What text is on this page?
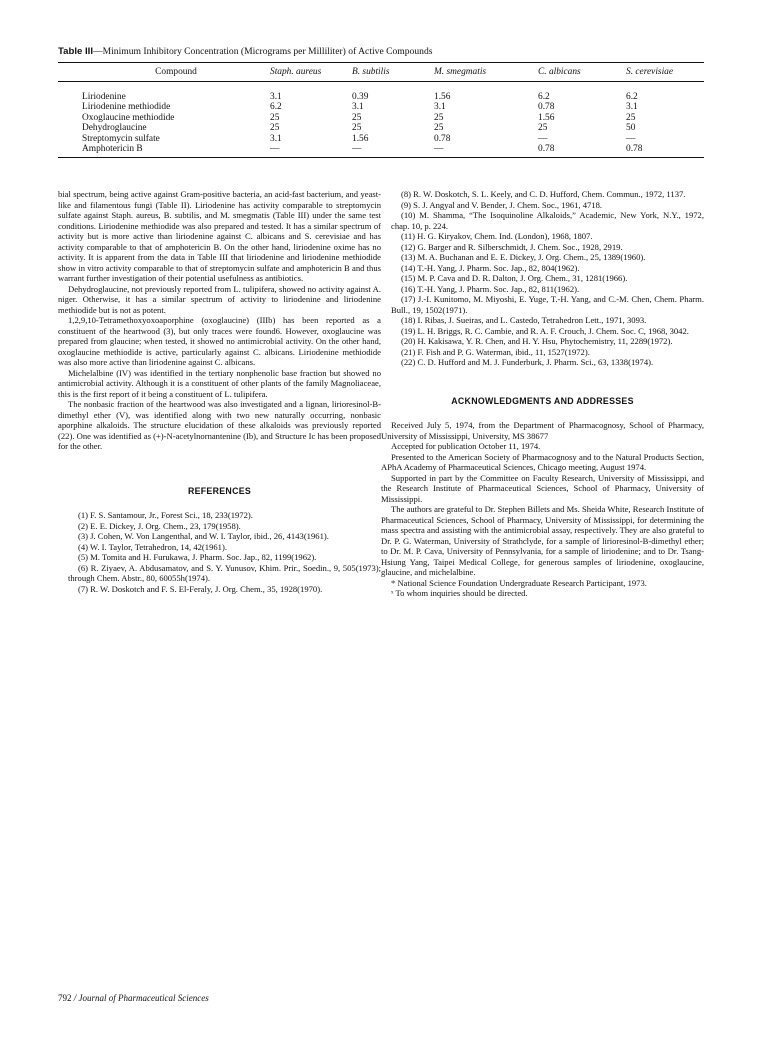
Table III—Minimum Inhibitory Concentration (Micrograms per Milliliter) of Active Compounds
Compound	Staph. aureus	B. subtilis	M. smegmatis	C. albicans	S. cerevisiae
Liriodenine	3.1	0.39	1.56	6.2	6.2
Liriodenine methiodide	6.2	3.1	3.1	0.78	3.1
Oxoglaucine methiodide	25	25	25	1.56	25
Dehydroglaucine	25	25	25	25	50
Streptomycin sulfate	3.1	1.56	0.78	—	—
Amphotericin B	—	—	—	0.78	0.78

bial spectrum, being active against Gram-positive bacteria, an acid-fast bacterium, and yeast-like and filamentous fungi (Table II). Liriodenine has activity comparable to streptomycin sulfate against Staph. aureus, B. subtilis, and M. smegmatis (Table III) under the same test conditions. Liriodenine methiodide was also prepared and tested. It has a similar spectrum of activity but is more active than liriodenine against C. albicans and S. cerevisiae and has activity comparable to that of amphotericin B. On the other hand, liriodenine oxime has no activity. It is apparent from the data in Table III that liriodenine and liriodenine methiodide show in vitro activity comparable to that of streptomycin sulfate and amphotericin B and thus warrant further investigation of their potential usefulness as antibiotics.

Dehydroglaucine, not previously reported from L. tulipifera, showed no activity against A. niger. Otherwise, it has a similar spectrum of activity to liriodenine and liriodenine methiodide but is not as potent.

1,2,9,10-Tetramethoxyoxoaporphine (oxoglaucine) (IIIb) has been reported as a constituent of the heartwood (3), but only traces were found6. However, oxoglaucine was prepared from glaucine; when tested, it showed no antimicrobial activity. On the other hand, oxoglaucine methiodide is active, particularly against C. albicans. Liriodenine methiodide was also more active than liriodenine against C. albicans.

Michelalbine (IV) was identified in the tertiary nonphenolic base fraction but showed no antimicrobial activity. Although it is a constituent of other plants of the family Magnoliaceae, this is the first report of it being a constituent of L. tulipifera.

The nonbasic fraction of the heartwood was also investigated and a lignan, lirioresinol-B-dimethyl ether (V), was identified along with two new naturally occurring, nonbasic aporphine alkaloids. The structure elucidation of these alkaloids was previously reported (22). One was identified as (+)-N-acetylnornantenine (Ib), and Structure Ic has been proposed for the other.

REFERENCES

(1) F. S. Santamour, Jr., Forest Sci., 18, 233(1972).

(2) E. E. Dickey, J. Org. Chem., 23, 179(1958).

(3) J. Cohen, W. Von Langenthal, and W. I. Taylor, ibid., 26, 4143(1961).

(4) W. I. Taylor, Tetrahedron, 14, 42(1961).

(5) M. Tomita and H. Furukawa, J. Pharm. Soc. Jap., 82, 1199(1962).

(6) R. Ziyaev, A. Abdusamatov, and S. Y. Yunusov, Khim. Prir., Soedin., 9, 505(1973); through Chem. Abstr., 80, 60055h(1974).

(7) R. W. Doskotch and F. S. El-Feraly, J. Org. Chem., 35, 1928(1970).

(8) R. W. Doskotch, S. L. Keely, and C. D. Hufford, Chem. Commun., 1972, 1137.

(9) S. J. Angyal and V. Bender, J. Chem. Soc., 1961, 4718.

(10) M. Shamma, “The Isoquinoline Alkaloids,” Academic, New York, N.Y., 1972, chap. 10, p. 224.

(11) H. G. Kiryakov, Chem. Ind. (London), 1968, 1807.

(12) G. Barger and R. Silberschmidt, J. Chem. Soc., 1928, 2919.

(13) M. A. Buchanan and E. E. Dickey, J. Org. Chem., 25, 1389(1960).

(14) T.-H. Yang, J. Pharm. Soc. Jap., 82, 804(1962).

(15) M. P. Cava and D. R. Dalton, J. Org. Chem., 31, 1281(1966).

(16) T.-H. Yang, J. Pharm. Soc. Jap., 82, 811(1962).

(17) J.-I. Kunitomo, M. Miyoshi, E. Yuge, T.-H. Yang, and C.-M. Chen, Chem. Pharm. Bull., 19, 1502(1971).

(18) I. Ribas, J. Sueiras, and L. Castedo, Tetrahedron Lett., 1971, 3093.

(19) L. H. Briggs, R. C. Cambie, and R. A. F. Crouch, J. Chem. Soc. C, 1968, 3042.

(20) H. Kakisawa, Y. R. Chen, and H. Y. Hsu, Phytochemistry, 11, 2289(1972).

(21) F. Fish and P. G. Waterman, ibid., 11, 1527(1972).

(22) C. D. Hufford and M. J. Funderburk, J. Pharm. Sci., 63, 1338(1974).

ACKNOWLEDGMENTS AND ADDRESSES

Received July 5, 1974, from the Department of Pharmacognosy, School of Pharmacy, University of Mississippi, University, MS 38677

Accepted for publication October 11, 1974.

Presented to the American Society of Pharmacognosy and to the Natural Products Section, APhA Academy of Pharmaceutical Sciences, Chicago meeting, August 1974.

Supported in part by the Committee on Faculty Research, University of Mississippi, and the Research Institute of Pharmaceutical Sciences, School of Pharmacy, University of Mississippi.

The authors are grateful to Dr. Stephen Billets and Ms. Sheida White, Research Institute of Pharmaceutical Sciences, School of Pharmacy, University of Mississippi, for determining the mass spectra and assisting with the antimicrobial assay, respectively. They are also grateful to Dr. P. G. Waterman, University of Strathclyde, for a sample of lirioresinol-B-dimethyl ether; to Dr. M. P. Cava, University of Pennsylvania, for a sample of liriodenine; and to Dr. Tsang-Hsiung Yang, Taipei Medical College, for generous samples of liriodenine, oxoglaucine, glaucine, and michelalbine.

* National Science Foundation Undergraduate Research Participant, 1973.

ˣ To whom inquiries should be directed.

792 / Journal of Pharmaceutical Sciences
